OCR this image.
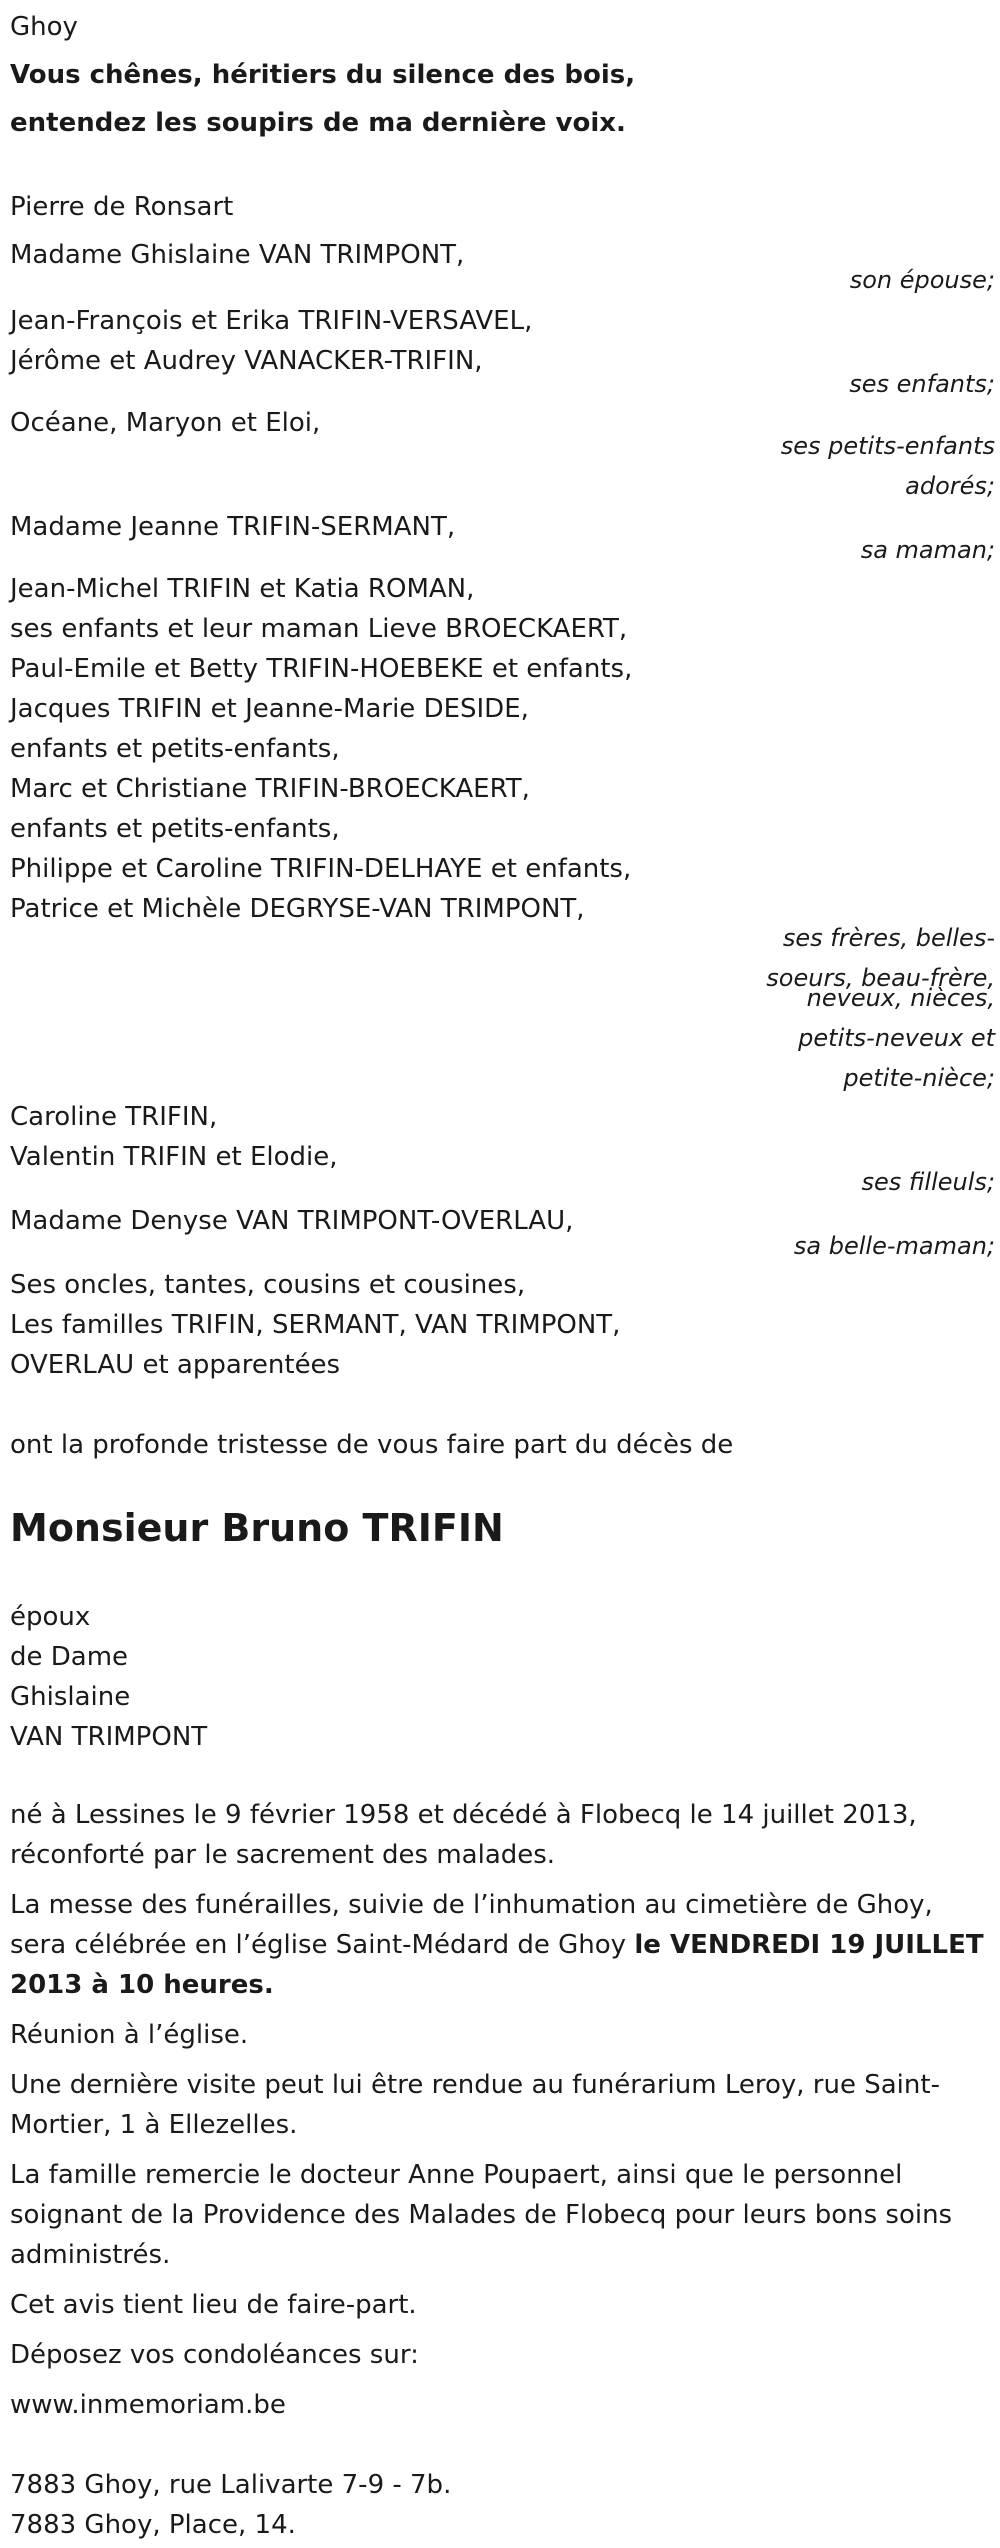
Ghoy
Vous chênes, héritiers du silence des bois,
entendez les soupirs de ma dernière voix.
Pierre de Ronsart
Madame Ghislaine VAN TRIMPONT,
son épouse;
Jean-François et Erika TRIFIN-VERSAVEL,
Jérôme et Audrey VANACKER-TRIFIN,
ses enfants;
Océane, Maryon et Eloi,
ses petits-enfants
adorés;
Madame Jeanne TRIFIN-SERMANT,
sa maman;
Jean-Michel TRIFIN et Katia ROMAN,
ses enfants et leur maman Lieve BROECKAERT,
Paul-Emile et Betty TRIFIN-HOEBEKE et enfants,
Jacques TRIFIN et Jeanne-Marie DESIDE,
enfants et petits-enfants,
Marc et Christiane TRIFIN-BROECKAERT,
enfants et petits-enfants,
Philippe et Caroline TRIFIN-DELHAYE et enfants,
Patrice et Michèle DEGRYSE-VAN TRIMPONT,
ses frères, belles-
soeurs, beau-frère,
neveux, nièces,
petits-neveux et
petite-nièce;
Caroline TRIFIN,
Valentin TRIFIN et Elodie,
ses filleuls;
Madame Denyse VAN TRIMPONT-OVERLAU,
sa belle-maman;
Ses oncles, tantes, cousins et cousines,
Les familles TRIFIN, SERMANT, VAN TRIMPONT,
OVERLAU et apparentées
ont la profonde tristesse de vous faire part du décès de
Monsieur Bruno TRIFIN
époux
de Dame
Ghislaine
VAN TRIMPONT
né à Lessines le 9 février 1958 et décédé à Flobecq le 14 juillet 2013,
réconforté par le sacrement des malades.
La messe des funérailles, suivie de l’inhumation au cimetière de Ghoy,
sera célébrée en l’église Saint-Médard de Ghoy le VENDREDI 19 JUILLET
2013 à 10 heures.
Réunion à l’église.
Une dernière visite peut lui être rendue au funérarium Leroy, rue Saint-
Mortier, 1 à Ellezelles.
La famille remercie le docteur Anne Poupaert, ainsi que le personnel
soignant de la Providence des Malades de Flobecq pour leurs bons soins
administrés.
Cet avis tient lieu de faire-part.
Déposez vos condoléances sur:
www.inmemoriam.be
7883 Ghoy, rue Lalivarte 7-9 - 7b.
7883 Ghoy, Place, 14.
